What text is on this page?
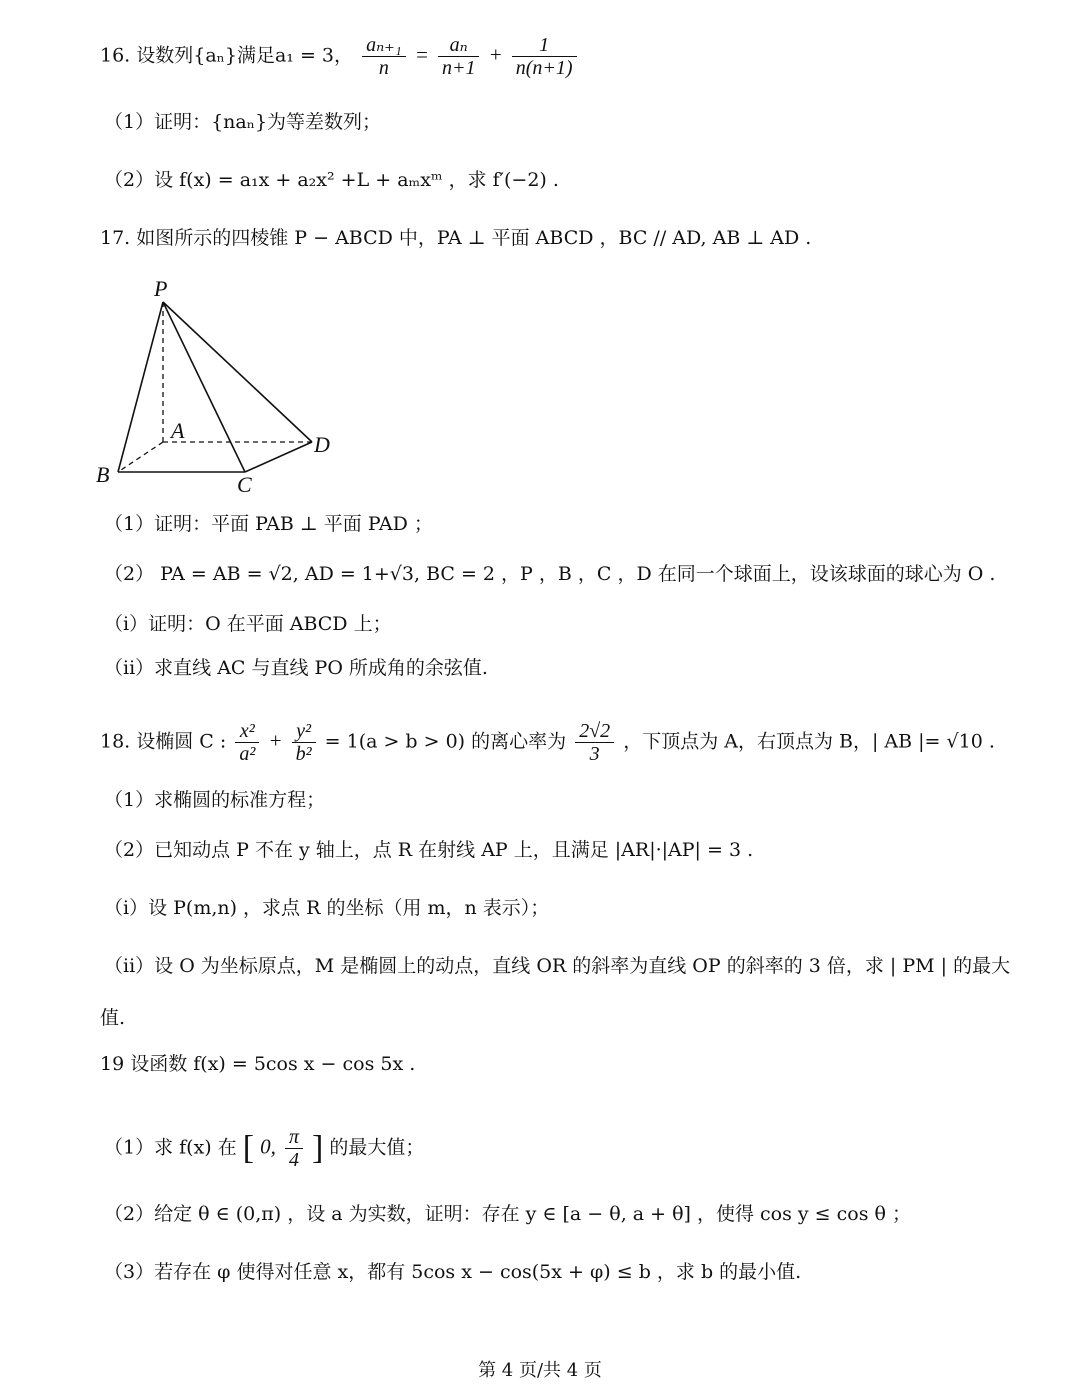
16. 设数列{aₙ}满足a₁ = 3， $\frac{\text{aₙ₊₁}}{n} = \frac{\text{aₙ}}{n+1} + \frac{1}{n(n+1)}$
（1）证明：{naₙ}为等差数列；
（2）设 f(x) = a₁x + a₂x² +L + aₘxᵐ ，求 f′(−2) .
17. 如图所示的四棱锥 P − ABCD 中，PA ⊥ 平面 ABCD ，BC // AD, AB ⊥ AD .
P
A
B	C
D
（1）证明：平面 PAB ⊥ 平面 PAD ；
（2） PA = AB = √2, AD = 1+√3, BC = 2 ，P ，B ，C ，D 在同一个球面上，设该球面的球心为 O .
（i）证明：O 在平面 ABCD 上；
（ii）求直线 AC 与直线 PO 所成角的余弦值.
18. 设椭圆 C : $\frac{\text{x²}}{\text{a²}} + \frac{\text{y²}}{\text{b²}} = 1(a > b > 0)$ 的离心率为 $\frac{2√2}{3}$ ，下顶点为 A，右顶点为 B，| AB |= √10 .
（1）求椭圆的标准方程；
（2）已知动点 P 不在 y 轴上，点 R 在射线 AP 上，且满足 |AR|·|AP| = 3 .
（i）设 P(m,n) ，求点 R 的坐标（用 m，n 表示）；
（ii）设 O 为坐标原点，M 是椭圆上的动点，直线 OR 的斜率为直线 OP 的斜率的 3 倍，求 | PM | 的最大
值.
19 设函数 f(x) = 5cos x − cos 5x .
（1）求 f(x) 在 [ 0, $\frac{\pi}{4}$ ] 的最大值；
（2）给定 θ ∈ (0,π) ，设 a 为实数，证明：存在 y ∈ [a − θ, a + θ] ，使得 cos y ≤ cos θ ；
（3）若存在 φ 使得对任意 x，都有 5cos x − cos(5x + φ) ≤ b ，求 b 的最小值.
第 4 页/共 4 页
